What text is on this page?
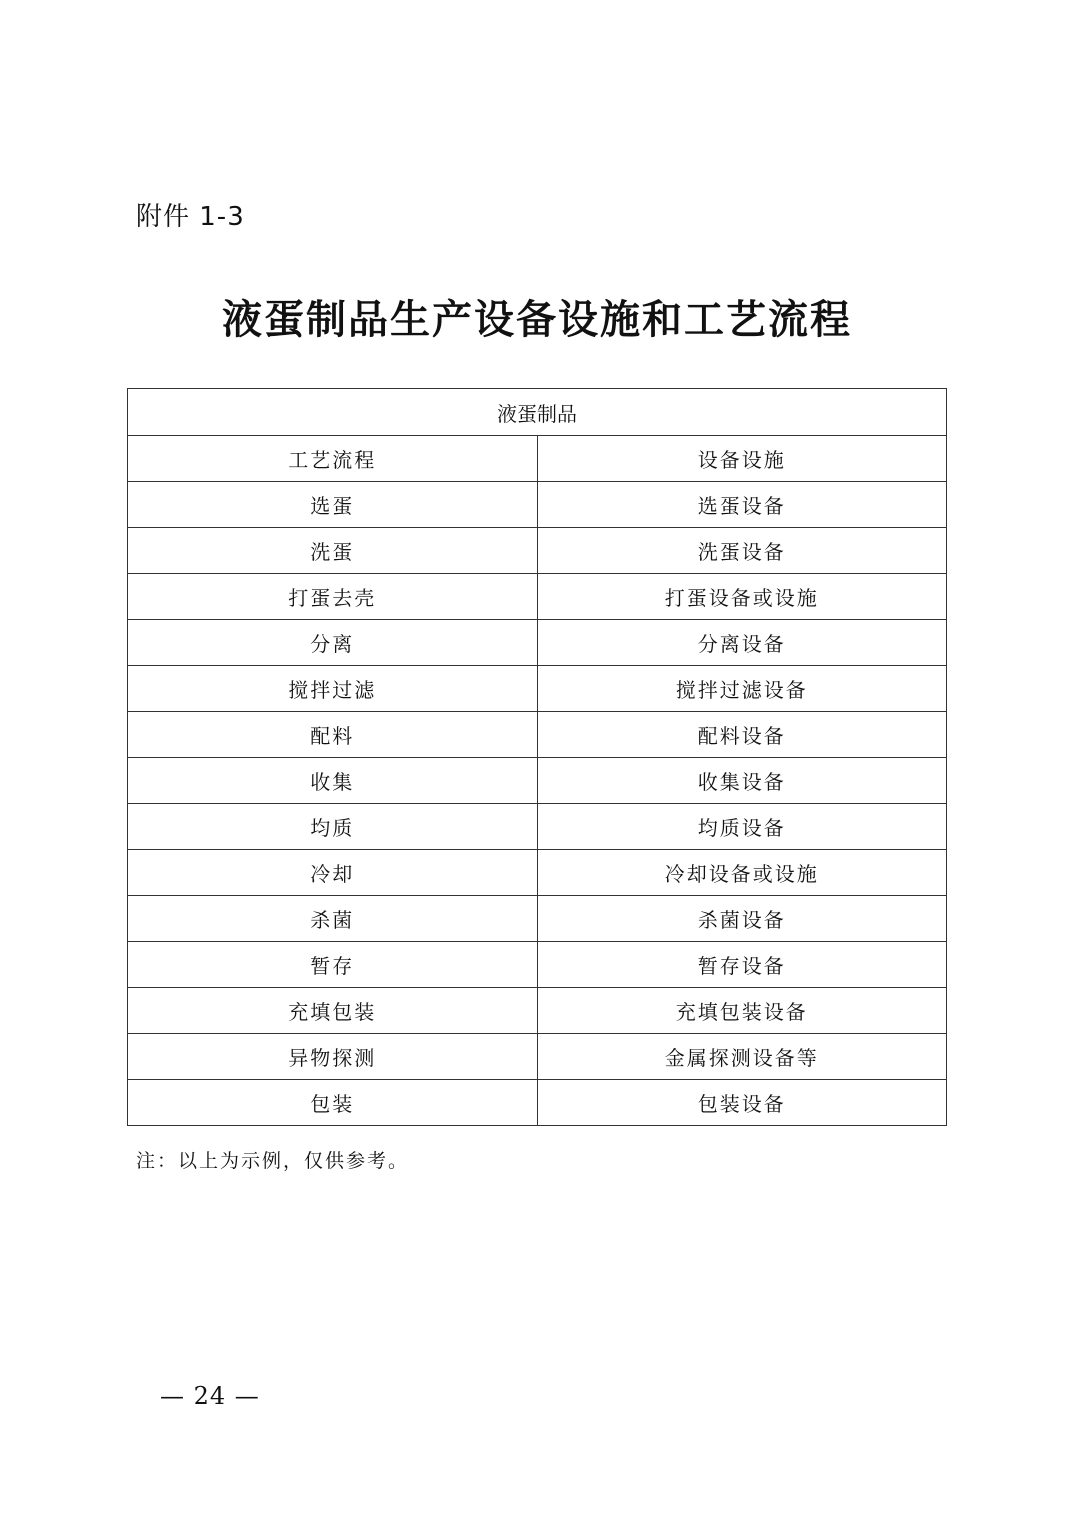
附件 1-3
液蛋制品生产设备设施和工艺流程
液蛋制品	
工艺流程	设备设施
选蛋	选蛋设备
洗蛋	洗蛋设备
打蛋去壳	打蛋设备或设施
分离	分离设备
搅拌过滤	搅拌过滤设备
配料	配料设备
收集	收集设备
均质	均质设备
冷却	冷却设备或设施
杀菌	杀菌设备
暂存	暂存设备
充填包装	充填包装设备
异物探测	金属探测设备等
包装	包装设备
注：以上为示例，仅供参考。
— 24 —
